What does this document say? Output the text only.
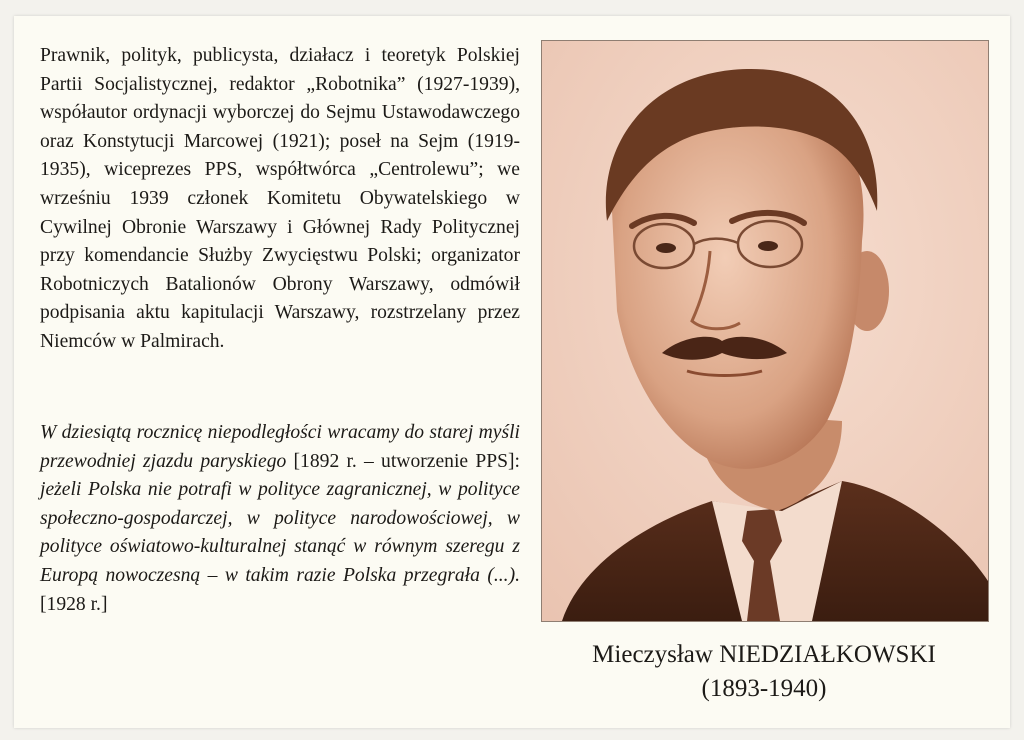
Prawnik, polityk, publicysta, działacz i teoretyk Polskiej Partii Socjalistycznej, redaktor „Robotnika” (1927-1939), współautor ordynacji wyborczej do Sejmu Ustawodawczego oraz Konstytucji Marcowej (1921); poseł na Sejm (1919-1935), wiceprezes PPS, współtwórca „Centrolewu”; we wrześniu 1939 członek Komitetu Obywatelskiego w Cywilnej Obronie Warszawy i Głównej Rady Politycznej przy komendancie Służby Zwycięstwu Polski; organizator Robotniczych Batalionów Obrony Warszawy, odmówił podpisania aktu kapitulacji Warszawy, rozstrzelany przez Niemców w Palmirach.

W dziesiątą rocznicę niepodległości wracamy do starej myśli przewodniej zjazdu paryskiego [1892 r. – utworzenie PPS]: jeżeli Polska nie potrafi w polityce zagranicznej, w polityce społeczno-gospodarczej, w polityce narodowościowej, w polityce oświatowo-kulturalnej stanąć w równym szeregu z Europą nowoczesną – w takim razie Polska przegrała (...). [1928 r.]

Mieczysław NIEDZIAŁKOWSKI
(1893-1940)
